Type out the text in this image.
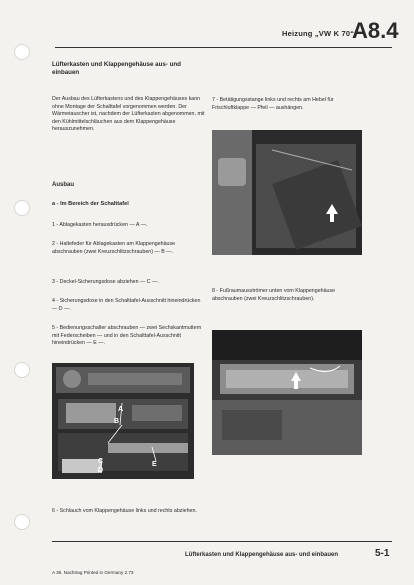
Heizung „VW K 70“
A8.4
Lüfterkasten und Klappengehäuse aus- und einbauen
Der Ausbau des Lüfterkastens und des Klappengehäuses kann ohne Montage der Schalttafel vorgenommen werden. Der Wärmetauscher ist, nachdem der Lüfterkasten abgenommen, mit den Kühlmittelschläuchen aus dem Klappengehäuse herauszunehmen.
Ausbau
a - Im Bereich der Schalttafel
1 - Ablagekasten herausdrücken — A —.
2 - Haltefeder für Ablagekasten am Klappengehäuse abschrauben (zwei Kreuzschlitzschrauben) — B —.
3 - Deckel-Sicherungsdose abziehen — C —.
4 - Sicherungsdose in den Schalttafel-Ausschnitt hineindrücken — D —.
5 - Bedienungsschalter abschrauben — zwei Sechskantmuttern mit Federscheiben — und in den Schalttafel-Ausschnitt hineindrücken — E —.
A
B
C
D
E
6 - Schlauch vom Klappengehäuse links und rechts abziehen.
7 - Betätigungsstange links und rechts am Hebel für Frischluftklappe — Pfeil — aushängen.
8 - Fußraumausströmer unten vom Klappengehäuse abschrauben (zwei Kreuzschlitzschrauben).
Lüfterkasten und Klappengehäuse aus- und einbauen	5-1
A 36. Nachtrag Printed in Germany 2.73
